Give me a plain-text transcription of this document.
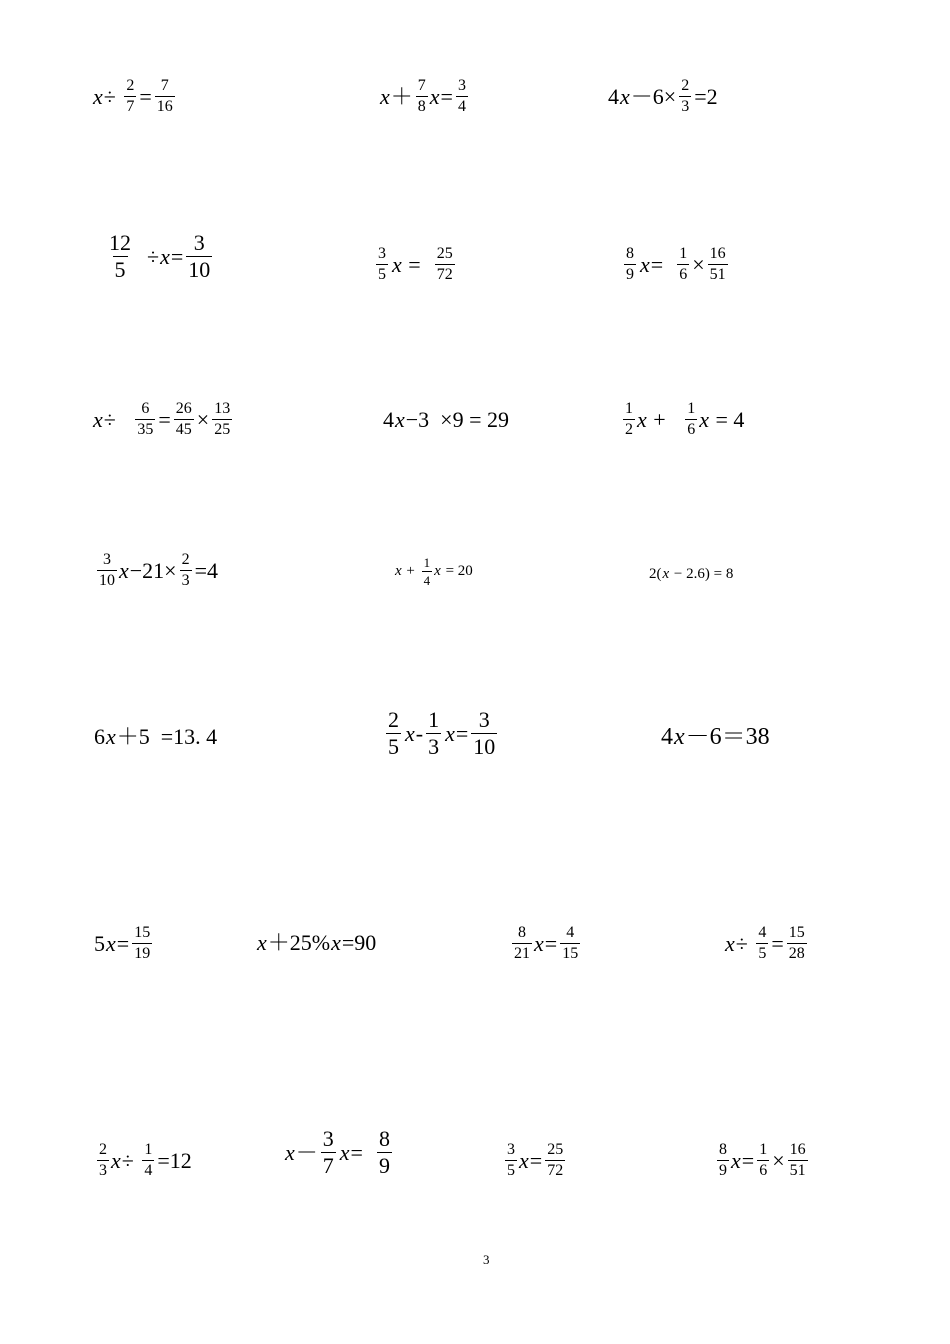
$x \div \frac{2}{7} = \frac{7}{16}$	$x + \frac{7}{8}$ $x = \frac{3}{4}$	4 $x -6\times \frac{2}{3} =2$
$\frac{12}{5} \div x = \frac{3}{10}$	$\frac{3}{5}$ $x = \frac{25}{72}$	$\frac{8}{9}$ $x = \frac{1}{6} \times \frac{16}{51}$
$x \div \frac{6}{35} = \frac{26}{45} \times \frac{13}{25}$	4 x −3  ×9 = 29	$\frac{1}{2}$ $x + \frac{1}{6}$ x = 4
$\frac{3}{10}$ $x -21\times \frac{2}{3} =4$	$x + \frac{1}{4}$ x = 20	2( x − 2.6) = 8
6 x ＋5  =13. 4	$\frac{2}{5}$ x - $\frac{1}{3}$ $x = \frac{3}{10}$	4 x －6＝38
5 $x = \frac{15}{19}$	x ＋25% x =90	$\frac{8}{21}$ $x = \frac{4}{15}$	$x \div \frac{4}{5} = \frac{15}{28}$
$\frac{2}{3}$ $x \div \frac{1}{4} =12$	$x - \frac{3}{7}$ $x = \frac{8}{9}$	$\frac{3}{5}$ $x = \frac{25}{72}$	$\frac{8}{9}$ $x = \frac{1}{6} \times \frac{16}{51}$
3
